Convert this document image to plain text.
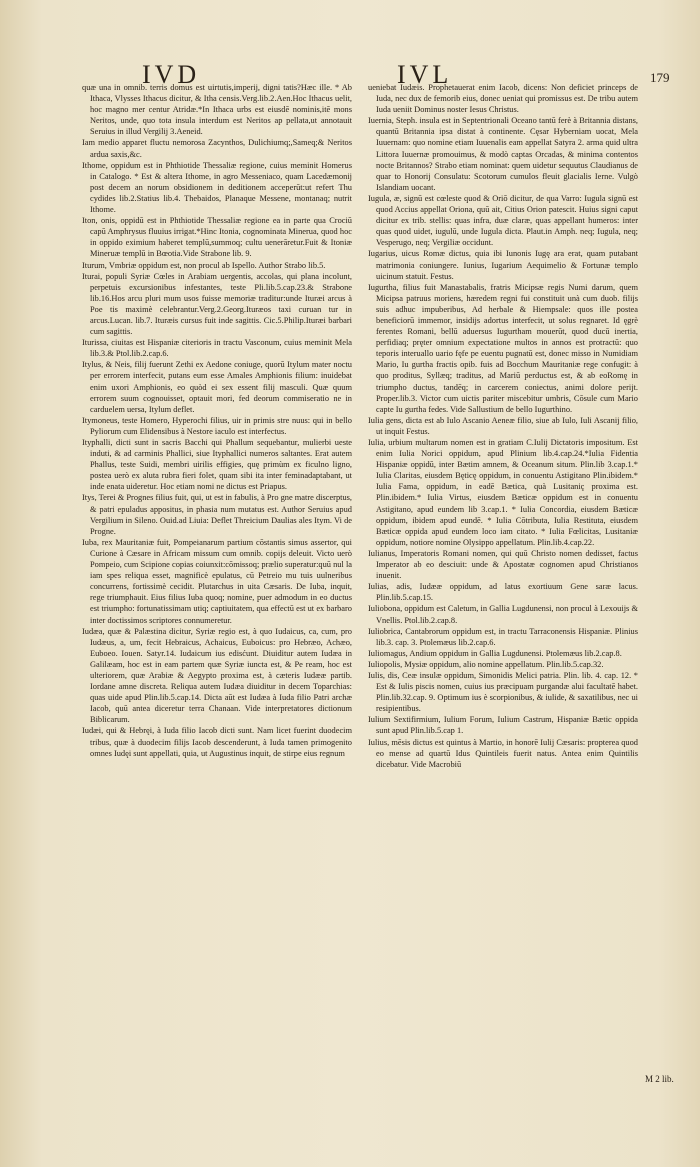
IVD	IVL	179

quæ una in omnib. terris domus est uirtutis,imperij, digni tatis?Hæc ille. * Ab Ithaca, Vlysses Ithacus dicitur, & Itha censis.Verg.lib.2.Aen.Hoc Ithacus uelit, hoc magno mer centur Atridæ.*In Ithaca urbs est eiusdē nominis,itē mons Neritos, unde, quo tota insula interdum est Neritos ap pellata,ut annotauit Seruius in illud Vergilij 3.Aeneid.

Iam medio apparet fluctu nemorosa Zacynthos, Dulichiumq;,Sameq;& Neritos ardua saxis,&c.

Ithome, oppidum est in Phthiotide Thessaliæ regione, cuius meminit Homerus in Catalogo. * Est & altera Ithome, in agro Messeniaco, quam Lacedæmonij post decem an norum obsidionem in deditionem acceperūt:ut refert Thu cydides lib.2.Statius lib.4. Thebaidos, Planaque Messene, montanaq; nutrit Ithome.

Iton, onis, oppidū est in Phthiotide Thessaliæ regione ea in parte qua Crociū capū Amphrysus fluuius irrigat.*Hinc Itonia, cognominata Minerua, quod hoc in oppido eximium haberet templū,summoq; cultu uenerāretur.Fuit & Itoniæ Mineruæ templū in Bœotia.Vide Strabone lib. 9.

Iturum, Vmbriæ oppidum est, non procul ab Ispello. Author Strabo lib.5.

Iturai, populi Syriæ Cœles in Arabiam uergentis, accolas, qui plana incolunt, perpetuis excursionibus infestantes, teste Pli.lib.5.cap.23.& Strabone lib.16.Hos arcu pluri mum usos fuisse memoriæ traditur:unde Ituræi arcus à Poe tis maximè celebrantur.Verg.2.Georg.Ituræos taxi curuan tur in arcus.Lucan. lib.7. Ituræis cursus fuit inde sagittis. Cic.5.Philip.Ituræi barbari cum sagittis.

Iturissa, ciuitas est Hispaniæ citerioris in tractu Vasconum, cuius meminit Mela lib.3.& Ptol.lib.2.cap.6.

Itylus, & Neis, filij fuerunt Zethi ex Aedone coniuge, quorū Itylum mater noctu per errorem interfecit, putans eum esse Amales Amphionis filium: inuidebat enim uxori Amphionis, eo quòd ei sex essent filij masculi. Quæ quum errorem suum cognouisset, optauit mori, fed deorum commiseratio ne in carduelem uersa, Itylum deflet.

Itymoneus, teste Homero, Hyperochi filius, uir in primis stre nuus: qui in bello Pyliorum cum Elidensibus à Nestore iaculo est interfectus.

Ityphalli, dicti sunt in sacris Bacchi qui Phallum sequebantur, mulierbi ueste induti, & ad carminis Phallici, siue Ityphallici numeros saltantes. Erat autem Phallus, teste Suidi, membri uirilis effigies, quę primùm ex ficulno ligno, postea uerò ex aluta rubra fieri folet, quam sibi ita inter feminadaptabant, ut inde enata uideretur. Hoc etiam nomi ne dictus est Priapus.

Itys, Terei & Prognes filius fuit, qui, ut est in fabulis, à Pro gne matre discerptus, & patri epuladus appositus, in phasia num mutatus est. Author Seruius apud Vergilium in Sileno. Ouid.ad Liuia: Deflet Threicium Daulias ales Itym. Vi de Progne.

Iuba, rex Mauritaniæ fuit, Pompeianarum partium cōstantis simus assertor, qui Curione à Cæsare in Africam missum cum omnib. copijs deleuit. Victo uerò Pompeio, cum Scipione copias coiunxit:cōmissoq; prælio superatur:quū nul la iam spes reliqua esset, magnificè epulatus, cū Petreio mu tuis uulneribus concurrens, fortissimè cecidit. Plutarchus in uita Cæsaris. De Iuba, inquit, rege triumphauit. Eius filius Iuba quoq; nomine, puer admodum in eo ductus est triumpho: fortunatissimam utiq; captiuitatem, qua effectū est ut ex barbaro inter doctissimos scriptores connumeretur.

Iudæa, quæ & Palæstina dicitur, Syriæ regio est, à quo Iudaicus, ca, cum, pro Iudæus, a, um, fecit Hebraicus, Achaicus, Euboicus: pro Hebræo, Achæo, Euboeo. Iouen. Satyr.14. Iudaicum ius edisćunt. Diuiditur autem Iudæa in Galilæam, hoc est in eam partem quæ Syriæ iuncta est, & Pe ream, hoc est ulteriorem, quæ Arabiæ & Aegypto proxima est, à cæteris Iudææ partib. Iordane amne discreta. Reliqua autem Iudæa diuiditur in decem Toparchias: quas uide apud Plin.lib.5.cap.14. Dicta aūt est Iudæa à Iuda filio Patri archæ Iacob, quū antea diceretur terra Chanaan. Vide interpretatores dictionum Biblicarum.

Iudæi, qui & Hebręi, à Iuda filio Iacob dicti sunt. Nam licet fuerint duodecim tribus, quæ à duodecim filijs Iacob descenderunt, à Iuda tamen primogenito omnes Iudęi sunt appellati, quia, ut Augustinus inquit, de stirpe eius regnum

ueniebat Iudæis. Prophetauerat enim Iacob, dicens: Non deficiet princeps de Iuda, nec dux de femorib eius, donec ueniat qui promissus est. De tribu autem Iuda ueniit Dominus noster Iesus Christus.

Iuernia, Steph. insula est in Septentrionali Oceano tantū ferè à Britannia distans, quantū Britannia ipsa distat à continente. Cęsar Hyberniam uocat, Mela Iuuernam: quo nomine etiam Iuuenalis eam appellat Satyra 2. arma quid ultra Littora Iuuernæ promouimus, & modò captas Orcadas, & minima contentos nocte Britannos? Strabo etiam nominat: quem uidetur sequutus Claudianus de quar to Honorij Consulatu: Scotorum cumulos fleuit glacialis Ierne. Vulgò Islandiam uocant.

Iugula, æ, signū est cœleste quod & Oriō dicitur, de qua Varro: Iugula signū est quod Accius appellat Oriona, quū ait, Citius Orion patescit. Huius signi caput dicitur ex trib. stellis: quas infra, duæ claræ, quas appellant humeros: inter quas quod uidet, iugulū, unde Iugula dicta. Plaut.in Amph. neq; Iugula, neq; Vesperugo, neq; Vergiliæ occidunt.

Iugarius, uicus Romæ dictus, quia ibi Iunonis Iugę ara erat, quam putabant matrimonia coniungere. Iunius, Iugarium Aequimelio & Fortunæ templo uicinum statuit. Festus.

Iugurtha, filius fuit Manastabalis, fratris Micipsæ regis Numi darum, quem Micipsa patruus moriens, hæredem regni fui constituit unà cum duob. filijs suis adhuc impuberibus, Ad herbale & Hiempsale: quos ille postea beneficiorū immemor, insidijs adortus interfecit, ut solus regnaret. Id ęgrè ferentes Romani, bellū aduersus Iugurtham mouerūt, quod ducū inertia, perfidiaq; pręter omnium expectatione multos in annos est protractū: quo teporis interuallo uario fęfe pe euentu pugnatū est, donec misso in Numidiam Mario, Iu gurtha fractis opib. fuis ad Bocchum Mauritaniæ rege confugit: à quo proditus, Syllæq; traditus, ad Mariū perductus est, & ab eoRomę in triumpho ductus, tandēq; in carcerem coniectus, animi dolore perijt. Proper.lib.3. Victor cum uictis pariter miscebitur umbris, Cōsule cum Mario capte Iu gurtha fedes. Vide Sallustium de bello Iugurthino.

Iulia gens, dicta est ab Iulo Ascanio Aeneæ filio, siue ab Iulo, Iuli Ascanij filio, ut inquit Festus.

Iulia, urbium multarum nomen est in gratiam C.Iulij Dictatoris impositum. Est enim Iulia Norici oppidum, apud Plinium lib.4.cap.24.*Iulia Fidentia Hispaniæ oppidū, inter Bætim amnem, & Oceanum situm. Plin.lib 3.cap.1.* Iulia Claritas, eiusdem Bęticę oppidum, in conuentu Astigitano Plin.ibidem.* Iulia Fama, oppidum, in eadē Bætica, quà Lusitaniç proxima est. Plin.ibidem.* Iulia Virtus, eiusdem Bæticæ oppidum est in conuentu Astigitano, apud eundem lib 3.cap.1. * Iulia Concordia, eiusdem Bæticæ oppidum, ibidem apud eundē. * Iulia Cōtributa, Iulia Restituta, eiusdem Bæticæ oppida apud eundem loco iam citato. * Iulia Fœlicitas, Lusitaniæ oppidum, notiore nomine Olysippo appellatum. Plin.lib.4.cap.22.

Iulianus, Imperatoris Romani nomen, qui quū Christo nomen dedisset, factus Imperator ab eo desciuit: unde & Apostatæ cognomen apud Christianos inuenit.

Iulias, adis, Iudææ oppidum, ad latus exortiuum Gene saræ lacus. Plin.lib.5.cap.15.

Iuliobona, oppidum est Caletum, in Gallia Lugdunensi, non procul à Lexouijs & Vnellis. Ptol.lib.2.cap.8.

Iuliobrica, Cantabrorum oppidum est, in tractu Tarraconensis Hispaniæ. Plinius lib.3. cap. 3. Ptolemæus lib.2.cap.6.

Iuliomagus, Andium oppidum in Gallia Lugdunensi. Ptolemæus lib.2.cap.8.

Iuliopolis, Mysiæ oppidum, alio nomine appellatum. Plin.lib.5.cap.32.

Iulis, dis, Ceæ insulæ oppidum, Simonidis Melici patria. Plin. lib. 4. cap. 12. * Est & Iulis piscis nomen, cuius ius præcipuam purgandæ alui facultatē habet. Plin.lib.32.cap. 9. Optimum ius è scorpionibus, & iulide, & saxatilibus, nec ui resipientibus.

Iulium Sextifirmium, Iulium Forum, Iulium Castrum, Hispaniæ Bætic oppida sunt apud Plin.lib.5.cap 1.

Iulius, mēsis dictus est quintus à Martio, in honorē Iulij Cæsaris: propterea quod eo mense ad quartū Idus Quintileis fuerit natus. Antea enim Quintilis dicebatur. Vide Macrobiū

M 2 lib.
